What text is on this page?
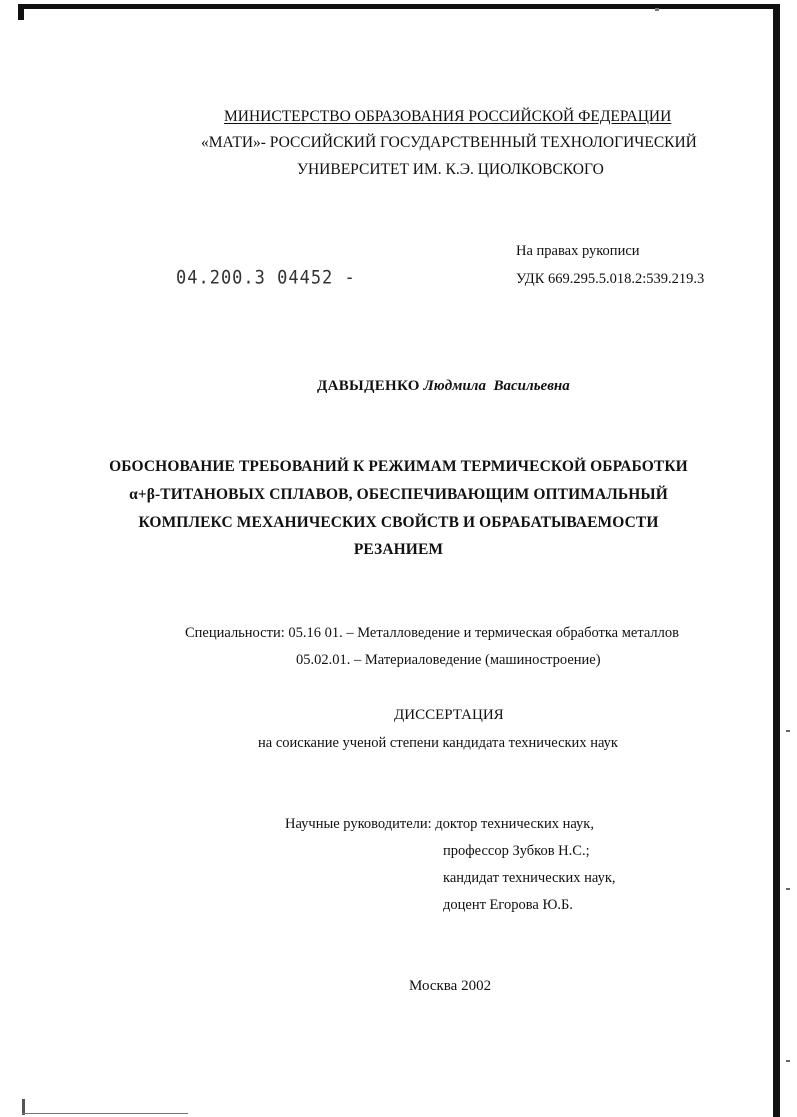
МИНИСТЕРСТВО ОБРАЗОВАНИЯ РОССИЙСКОЙ ФЕДЕРАЦИИ
«МАТИ»- РОССИЙСКИЙ ГОСУДАРСТВЕННЫЙ ТЕХНОЛОГИЧЕСКИЙ
УНИВЕРСИТЕТ ИМ. К.Э. ЦИОЛКОВСКОГО
04.200.3 04452 -
На правах рукописи
УДК 669.295.5.018.2:539.219.3
ДАВЫДЕНКО Людмила  Васильевна
ОБОСНОВАНИЕ ТРЕБОВАНИЙ К РЕЖИМАМ ТЕРМИЧЕСКОЙ ОБРАБОТКИ
α+β-ТИТАНОВЫХ СПЛАВОВ, ОБЕСПЕЧИВАЮЩИМ ОПТИМАЛЬНЫЙ
КОМПЛЕКС МЕХАНИЧЕСКИХ СВОЙСТВ И ОБРАБАТЫВАЕМОСТИ
РЕЗАНИЕМ
Специальности: 05.16 01. – Металловедение и термическая обработка металлов
05.02.01. – Материаловедение (машиностроение)
ДИССЕРТАЦИЯ
на соискание ученой степени кандидата технических наук
Научные руководители: доктор технических наук,
профессор Зубков Н.С.;
кандидат технических наук,
доцент Егорова Ю.Б.
Москва 2002
